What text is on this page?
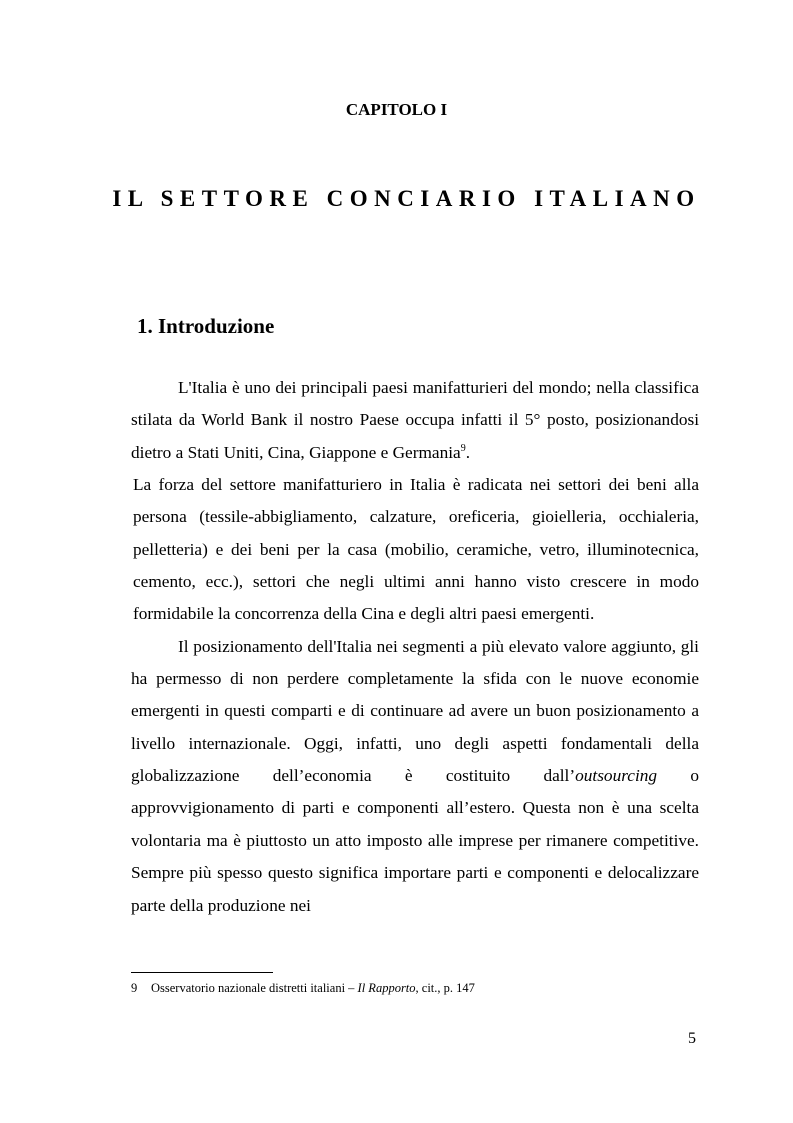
CAPITOLO I
IL SETTORE CONCIARIO ITALIANO
1. Introduzione

L'Italia è uno dei principali paesi manifatturieri del mondo; nella classifica stilata da World Bank il nostro Paese occupa infatti il 5° posto, posizionandosi dietro a Stati Uniti, Cina, Giappone e Germania$^9$.

La forza del settore manifatturiero in Italia è radicata nei settori dei beni alla persona (tessile-abbigliamento, calzature, oreficeria, gioielleria, occhialeria, pelletteria) e dei beni per la casa (mobilio, ceramiche, vetro, illuminotecnica, cemento, ecc.), settori che negli ultimi anni hanno visto crescere in modo formidabile la concorrenza della Cina e degli altri paesi emergenti.

Il posizionamento dell'Italia nei segmenti a più elevato valore aggiunto, gli ha permesso di non perdere completamente la sfida con le nuove economie emergenti in questi comparti e di continuare ad avere un buon posizionamento a livello internazionale. Oggi, infatti, uno degli aspetti fondamentali della globalizzazione dell’economia è costituito dall’outsourcing o approvvigionamento di parti e componenti all’estero. Questa non è una scelta volontaria ma è piuttosto un atto imposto alle imprese per rimanere competitive. Sempre più spesso questo significa importare parti e componenti e delocalizzare parte della produzione nei

9 Osservatorio nazionale distretti italiani – Il Rapporto, cit., p. 147
5
